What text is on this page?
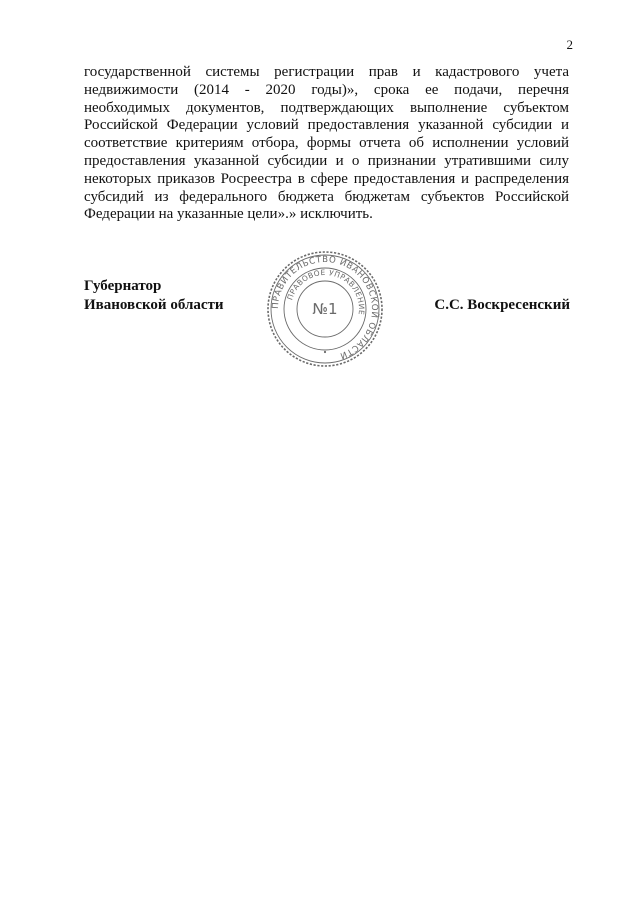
2
государственной системы регистрации прав и кадастрового учета
недвижимости (2014 - 2020 годы)», срока ее подачи, перечня
необходимых документов, подтверждающих выполнение субъектом
Российской Федерации условий предоставления указанной субсидии и
соответствие критериям отбора, формы отчета об исполнении условий
предоставления указанной субсидии и о признании утратившими силу
некоторых приказов Росреестра в сфере предоставления и распределения
субсидий из федерального бюджета бюджетам субъектов Российской
Федерации на указанные цели».» исключить.
Губернатор
Ивановской области	С.С. Воскресенский
ПРАВИТЕЛЬСТВО ИВАНОВСКОЙ ОБЛАСТИ
ПРАВОВОЕ УПРАВЛЕНИЕ
№1
